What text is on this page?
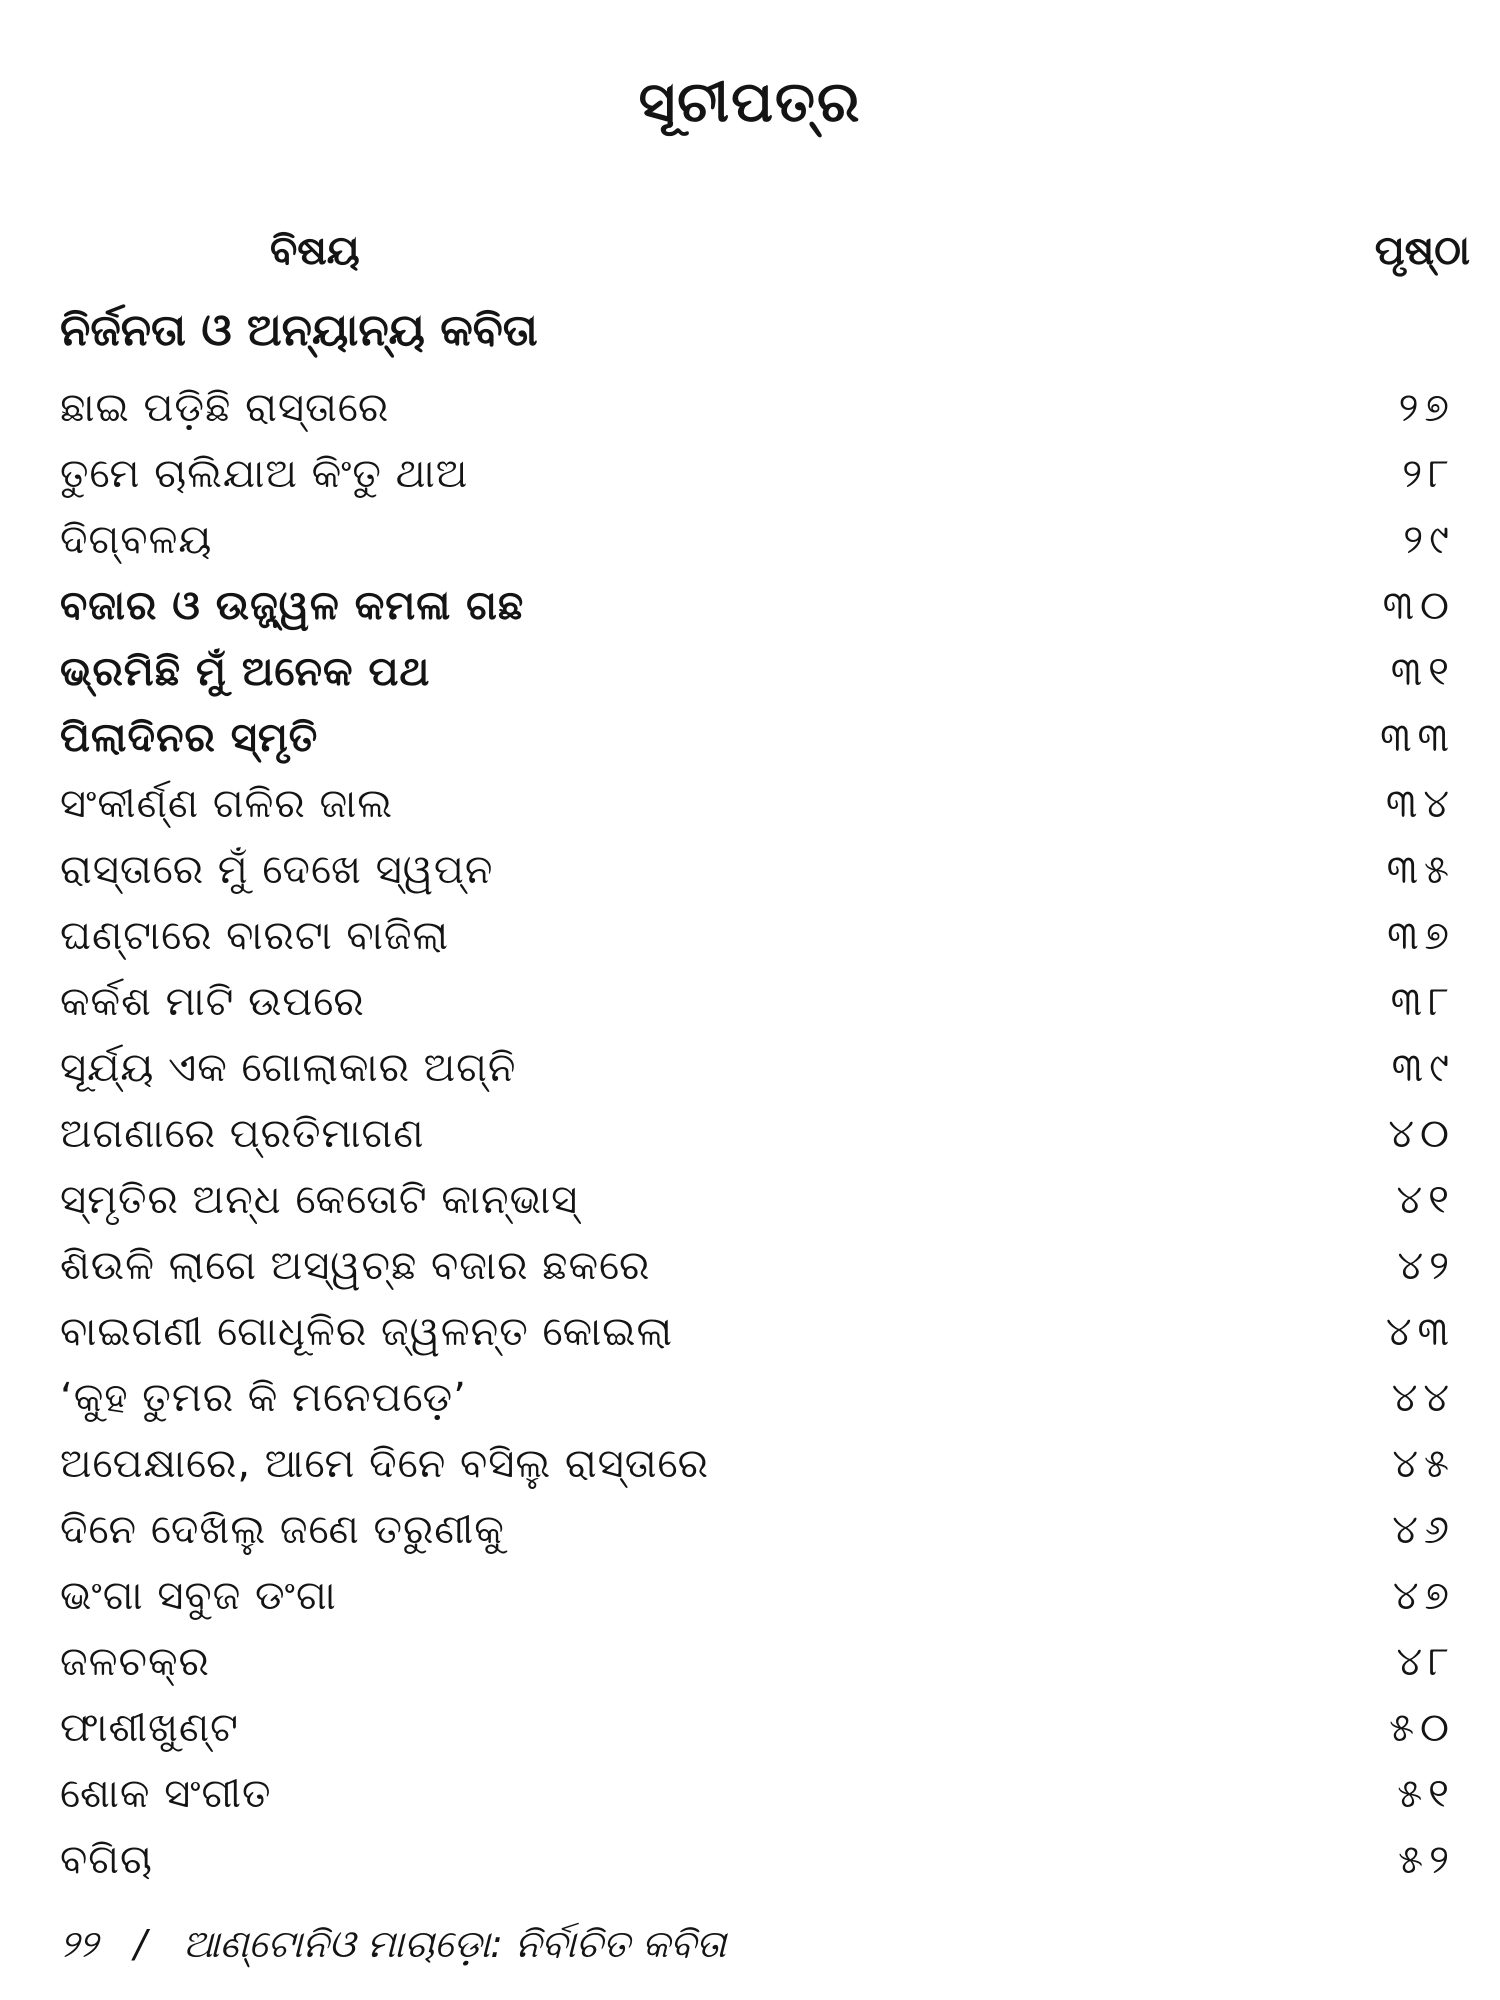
ସୂଚୀପତ୍ର
ବିଷୟ	ପୃଷ୍ଠା
ନିର୍ଜନତା ଓ ଅନ୍ୟାନ୍ୟ କବିତା
ଛାଇ ପଡ଼ିଛି ରାସ୍ତାରେ	୨୭
ତୁମେ ଚାଲିଯାଅ କିଂତୁ ଥାଅ	୨୮
ଦିଗ୍‌ବଳୟ	୨୯
ବଜାର ଓ ଉଜ୍ଜ୍ୱଳ କମଳା ଗଛ	୩୦
ଭ୍ରମିଛି ମୁଁ ଅନେକ ପଥ	୩୧
ପିଲାଦିନର ସ୍ମୃତି	୩୩
ସଂକୀର୍ଣ୍ଣ ଗଳିର ଜାଲ	୩୪
ରାସ୍ତାରେ ମୁଁ ଦେଖେ ସ୍ୱପ୍ନ	୩୫
ଘଣ୍ଟାରେ ବାରଟା ବାଜିଲା	୩୭
କର୍କଶ ମାଟି ଉପରେ	୩୮
ସୂର୍ଯ୍ୟ ଏକ ଗୋଲାକାର ଅଗ୍ନି	୩୯
ଅଗଣାରେ ପ୍ରତିମାଗଣ	୪୦
ସ୍ମୃତିର ଅନ୍ଧ କେତୋଟି କାନ୍‌ଭାସ୍	୪୧
ଶିଉଳି ଲାଗେ ଅସ୍ୱଚ୍ଛ ବଜାର ଛକରେ	୪୨
ବାଇଗଣୀ ଗୋଧୂଳିର ଜ୍ୱଳନ୍ତ କୋଇଲା	୪୩
‘କୁହ ତୁମର କି ମନେପଡ଼େ’	୪୪
ଅପେକ୍ଷାରେ, ଆମେ ଦିନେ ବସିଲୁ ରାସ୍ତାରେ	୪୫
ଦିନେ ଦେଖିଲୁ ଜଣେ ତରୁଣୀକୁ	୪୬
ଭଂଗା ସବୁଜ ଡଂଗା	୪୭
ଜଳଚକ୍ର	୪୮
ଫାଶୀଖୁଣ୍ଟ	୫୦
ଶୋକ ସଂଗୀତ	୫୧
ବଗିଚା	୫୨
୨୨ / ଆଣ୍ଟୋନିଓ ମାଚାଡ଼ୋ: ନିର୍ବାଚିତ କବିତା
